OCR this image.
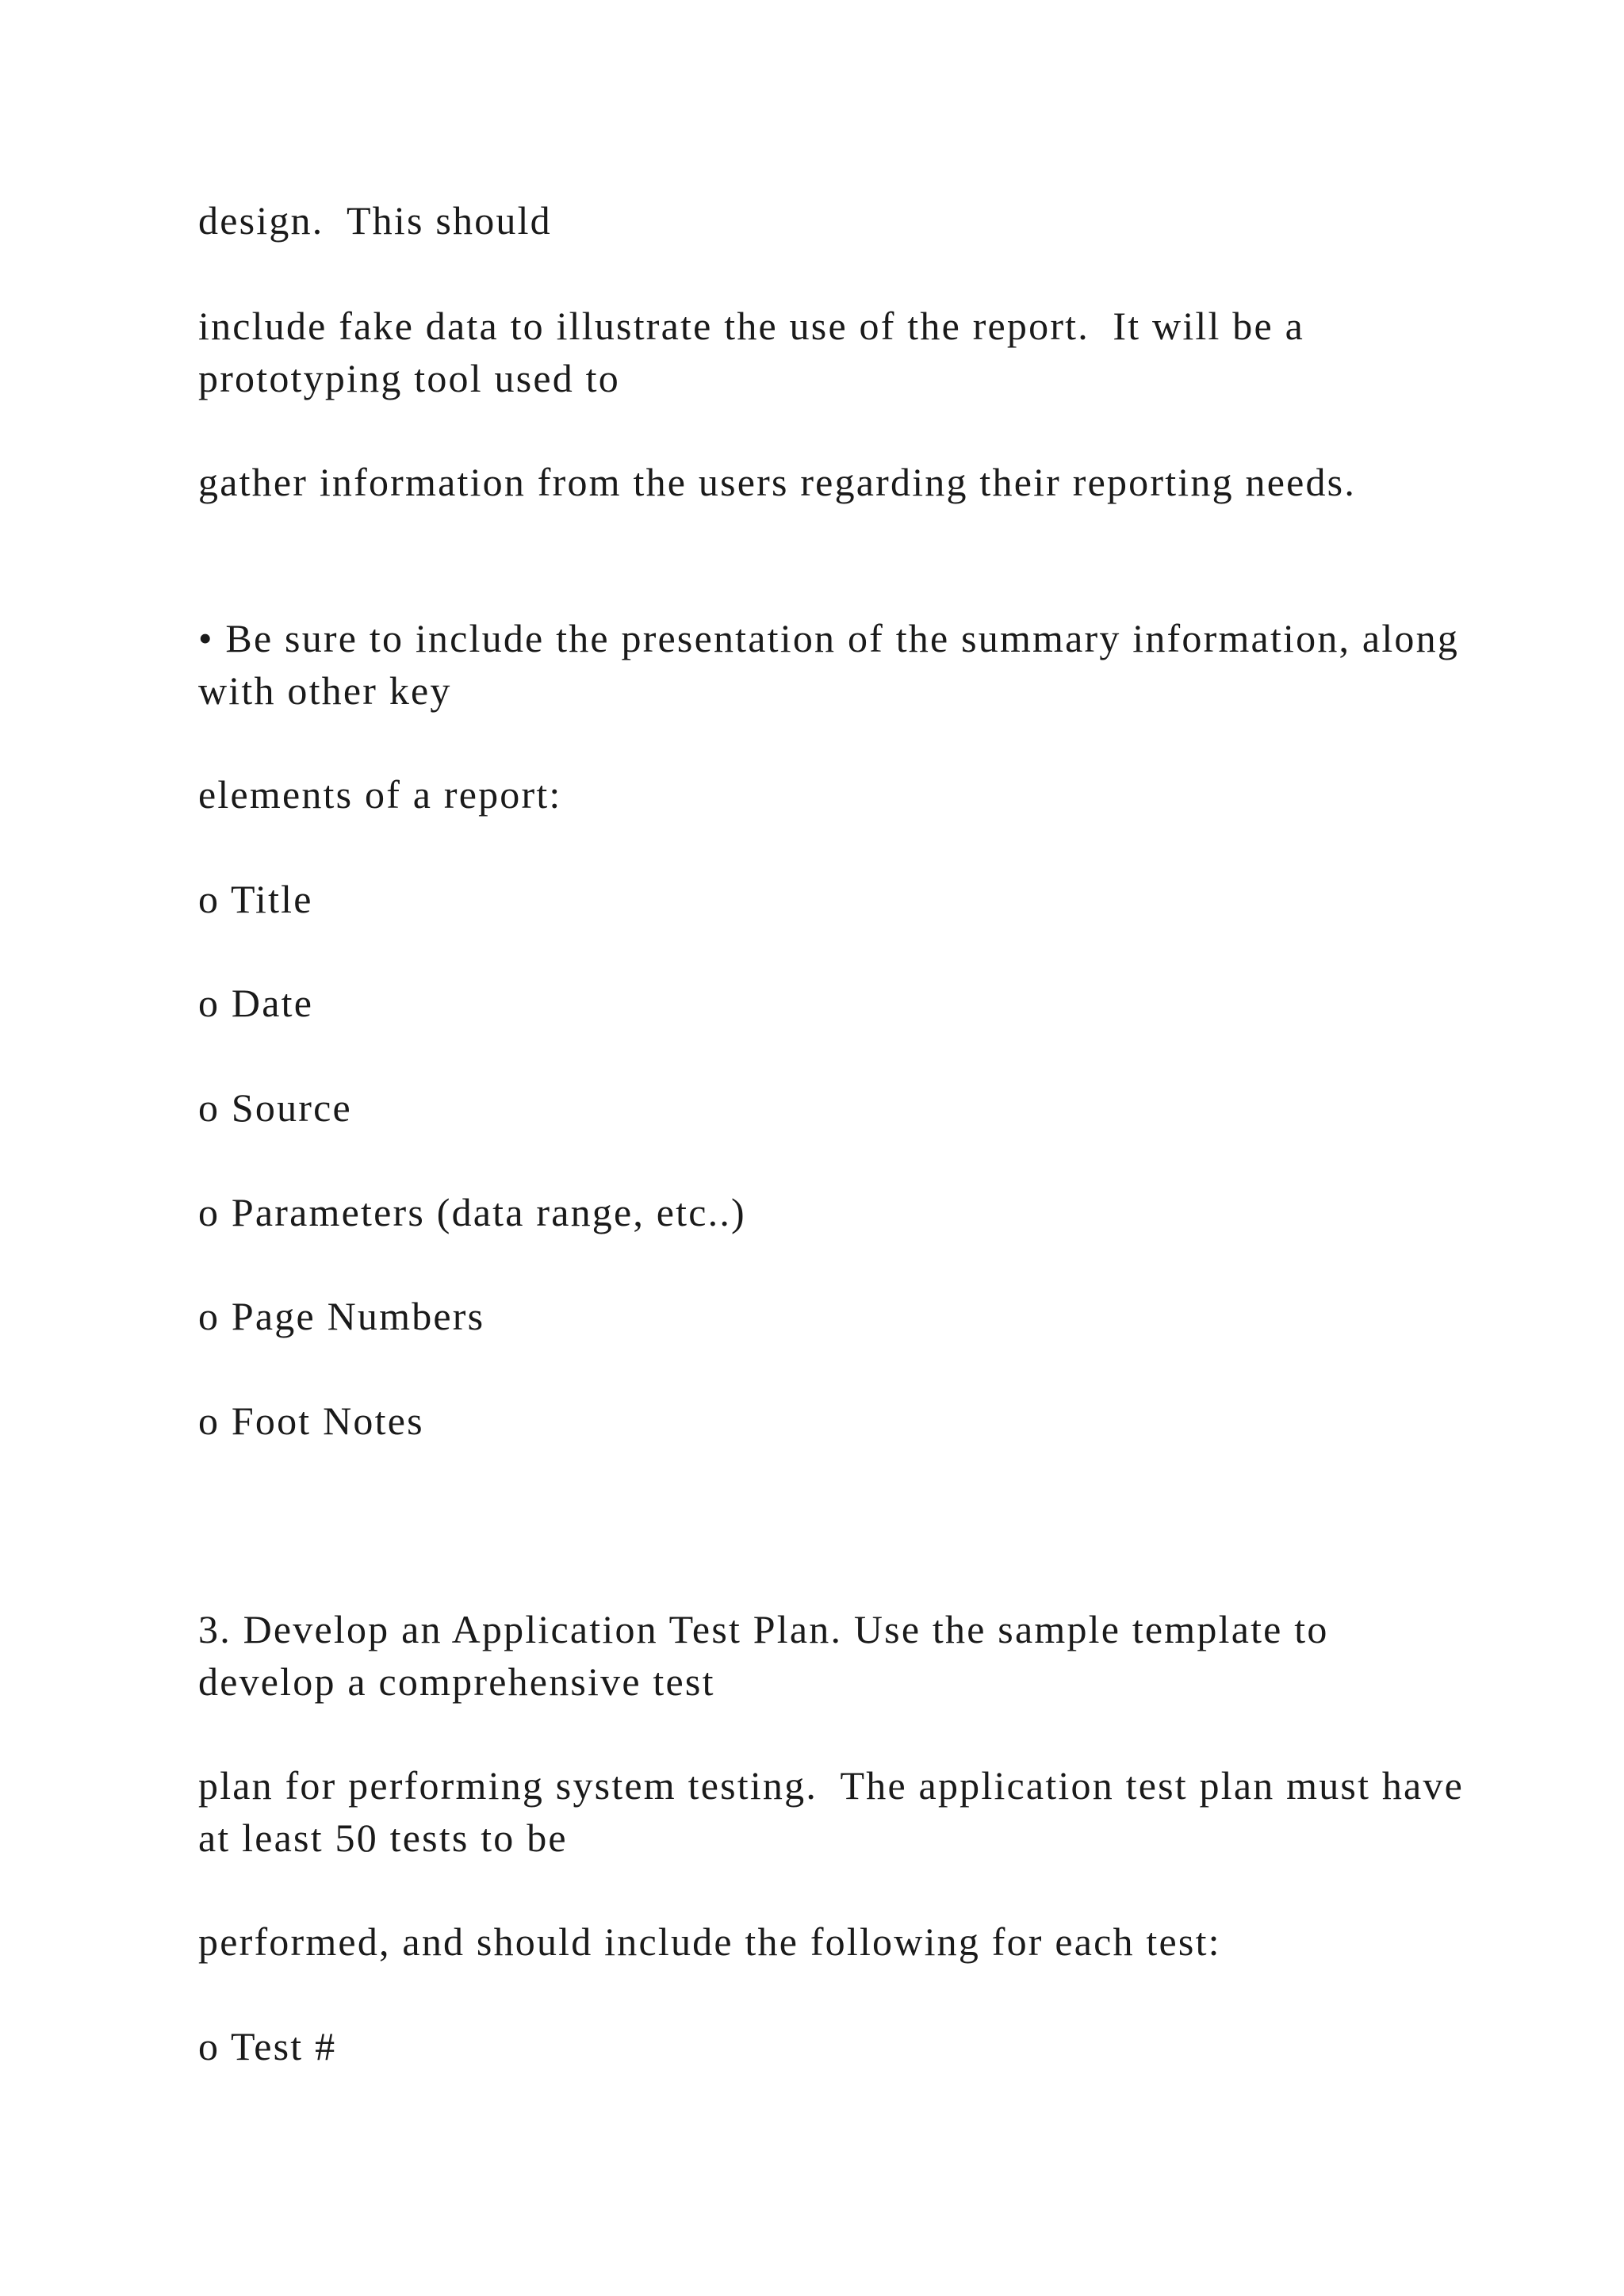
design.  This should

include fake data to illustrate the use of the report.  It will be a prototyping tool used to

gather information from the users regarding their reporting needs.

• Be sure to include the presentation of the summary information, along with other key

elements of a report:

o Title

o Date

o Source

o Parameters (data range, etc..)

o Page Numbers

o Foot Notes

3. Develop an Application Test Plan. Use the sample template to develop a comprehensive test

plan for performing system testing.  The application test plan must have at least 50 tests to be

performed, and should include the following for each test:

o Test #
